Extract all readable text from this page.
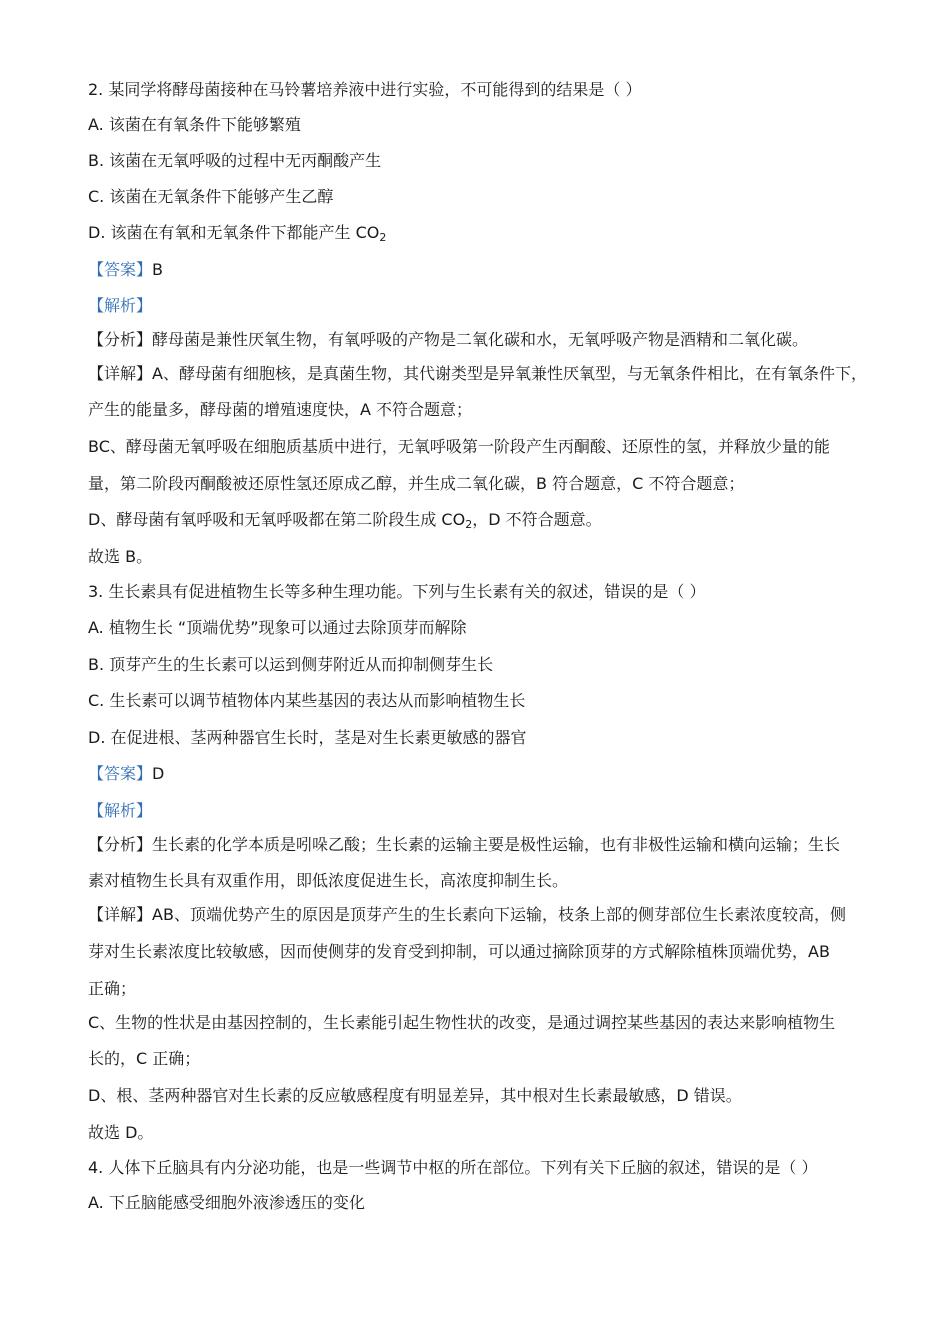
2. 某同学将酵母菌接种在马铃薯培养液中进行实验，不可能得到的结果是（ ）
A. 该菌在有氧条件下能够繁殖
B. 该菌在无氧呼吸的过程中无丙酮酸产生
C. 该菌在无氧条件下能够产生乙醇
D. 该菌在有氧和无氧条件下都能产生 $CO_2$
【答案】B
【解析】
【分析】酵母菌是兼性厌氧生物，有氧呼吸的产物是二氧化碳和水，无氧呼吸产物是酒精和二氧化碳。
【详解】A、酵母菌有细胞核，是真菌生物，其代谢类型是异氧兼性厌氧型，与无氧条件相比，在有氧条件下，
产生的能量多，酵母菌的增殖速度快，A 不符合题意；
BC、酵母菌无氧呼吸在细胞质基质中进行，无氧呼吸第一阶段产生丙酮酸、还原性的氢，并释放少量的能
量，第二阶段丙酮酸被还原性氢还原成乙醇，并生成二氧化碳，B 符合题意，C 不符合题意；
D、酵母菌有氧呼吸和无氧呼吸都在第二阶段生成 $CO_2$，D 不符合题意。
故选 B。
3. 生长素具有促进植物生长等多种生理功能。下列与生长素有关的叙述，错误的是（ ）
A. 植物生长 “顶端优势”现象可以通过去除顶芽而解除
B. 顶芽产生的生长素可以运到侧芽附近从而抑制侧芽生长
C. 生长素可以调节植物体内某些基因的表达从而影响植物生长
D. 在促进根、茎两种器官生长时，茎是对生长素更敏感的器官
【答案】D
【解析】
【分析】生长素的化学本质是吲哚乙酸；生长素的运输主要是极性运输，也有非极性运输和横向运输；生长
素对植物生长具有双重作用，即低浓度促进生长，高浓度抑制生长。
【详解】AB、顶端优势产生的原因是顶芽产生的生长素向下运输，枝条上部的侧芽部位生长素浓度较高，侧
芽对生长素浓度比较敏感，因而使侧芽的发育受到抑制，可以通过摘除顶芽的方式解除植株顶端优势，AB
正确；
C、生物的性状是由基因控制的，生长素能引起生物性状的改变，是通过调控某些基因的表达来影响植物生
长的，C 正确；
D、根、茎两种器官对生长素的反应敏感程度有明显差异，其中根对生长素最敏感，D 错误。
故选 D。
4. 人体下丘脑具有内分泌功能，也是一些调节中枢的所在部位。下列有关下丘脑的叙述，错误的是（ ）
A. 下丘脑能感受细胞外液渗透压的变化
